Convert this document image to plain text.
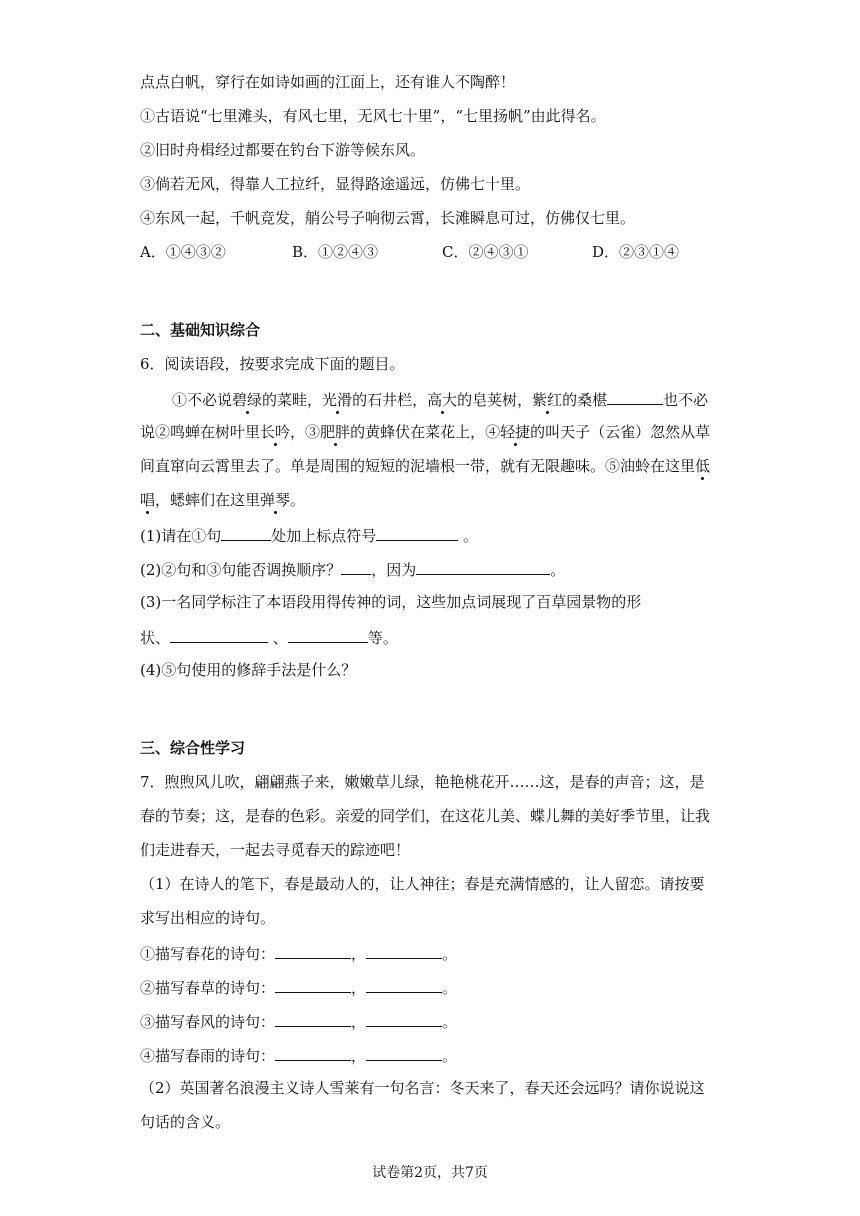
点点白帆，穿行在如诗如画的江面上，还有谁人不陶醉！
①古语说“七里滩头，有风七里，无风七十里”，“七里扬帆”由此得名。
②旧时舟楫经过都要在钓台下游等候东风。
③倘若无风，得靠人工拉纤，显得路途遥远，仿佛七十里。
④东风一起，千帆竞发，艄公号子响彻云霄，长滩瞬息可过，仿佛仅七里。
A．①④③②	B．①②④③	C．②④③①	D．②③①④
二、基础知识综合
6．阅读语段，按要求完成下面的题目。
①不必说碧绿的菜畦，光滑的石井栏，高大的皂荚树，紫红的桑椹	也不必
说②鸣蝉在树叶里长吟，③肥胖的黄蜂伏在菜花上，④轻捷的叫天子（云雀）忽然从草
间直窜向云霄里去了。单是周围的短短的泥墙根一带，就有无限趣味。⑤油蛉在这里低
唱，蟋蟀们在这里弹琴。
(1)请在①句	处加上标点符号	。
(2)②句和③句能否调换顺序？ ，因为	。
(3)一名同学标注了本语段用得传神的词，这些加点词展现了百草园景物的形
状、	、	等。
(4)⑤句使用的修辞手法是什么？
三、综合性学习
7．煦煦风儿吹，翩翩燕子来，嫩嫩草儿绿，艳艳桃花开……这，是春的声音；这，是
春的节奏；这，是春的色彩。亲爱的同学们，在这花儿美、蝶儿舞的美好季节里，让我
们走进春天，一起去寻觅春天的踪迹吧！
（1）在诗人的笔下，春是最动人的，让人神往；春是充满情感的，让人留恋。请按要
求写出相应的诗句。
①描写春花的诗句：	，	。
②描写春草的诗句：	，	。
③描写春风的诗句：	，	。
④描写春雨的诗句：	，	。
（2）英国著名浪漫主义诗人雪莱有一句名言：冬天来了，春天还会远吗？请你说说这
句话的含义。
试卷第2页，共7页
